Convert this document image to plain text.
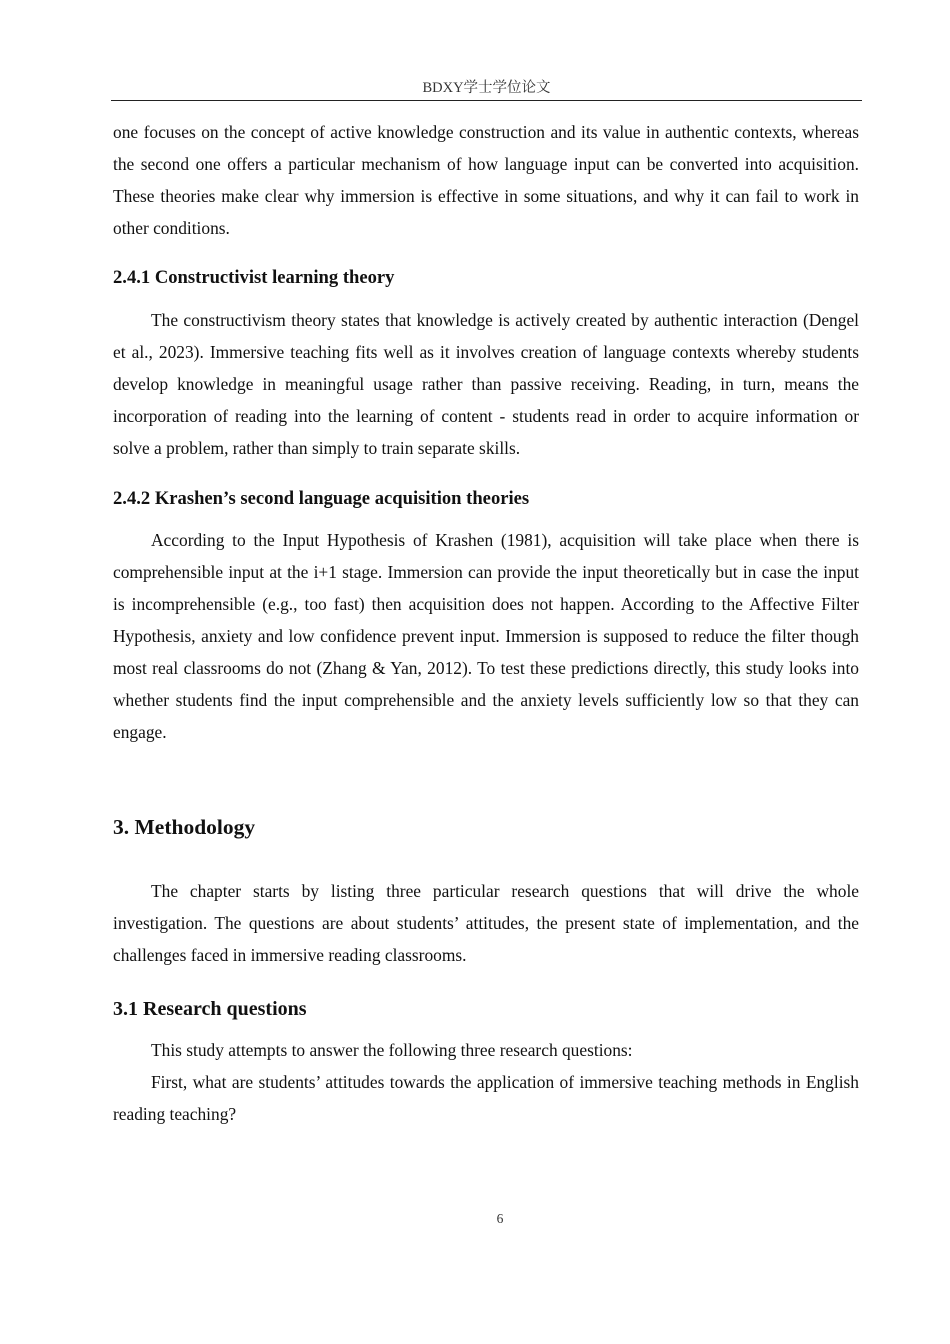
BDXY学士学位论文

one focuses on the concept of active knowledge construction and its value in authentic contexts, whereas the second one offers a particular mechanism of how language input can be converted into acquisition. These theories make clear why immersion is effective in some situations, and why it can fail to work in other conditions.

2.4.1 Constructivist learning theory

The constructivism theory states that knowledge is actively created by authentic interaction (Dengel et al., 2023). Immersive teaching fits well as it involves creation of language contexts whereby students develop knowledge in meaningful usage rather than passive receiving. Reading, in turn, means the incorporation of reading into the learning of content - students read in order to acquire information or solve a problem, rather than simply to train separate skills.

2.4.2 Krashen’s second language acquisition theories

According to the Input Hypothesis of Krashen (1981), acquisition will take place when there is comprehensible input at the i+1 stage. Immersion can provide the input theoretically but in case the input is incomprehensible (e.g., too fast) then acquisition does not happen. According to the Affective Filter Hypothesis, anxiety and low confidence prevent input. Immersion is supposed to reduce the filter though most real classrooms do not (Zhang & Yan, 2012). To test these predictions directly, this study looks into whether students find the input comprehensible and the anxiety levels sufficiently low so that they can engage.

3. Methodology

The chapter starts by listing three particular research questions that will drive the whole investigation. The questions are about students’ attitudes, the present state of implementation, and the challenges faced in immersive reading classrooms.

3.1 Research questions

This study attempts to answer the following three research questions:

First, what are students’ attitudes towards the application of immersive teaching methods in English reading teaching?

6
